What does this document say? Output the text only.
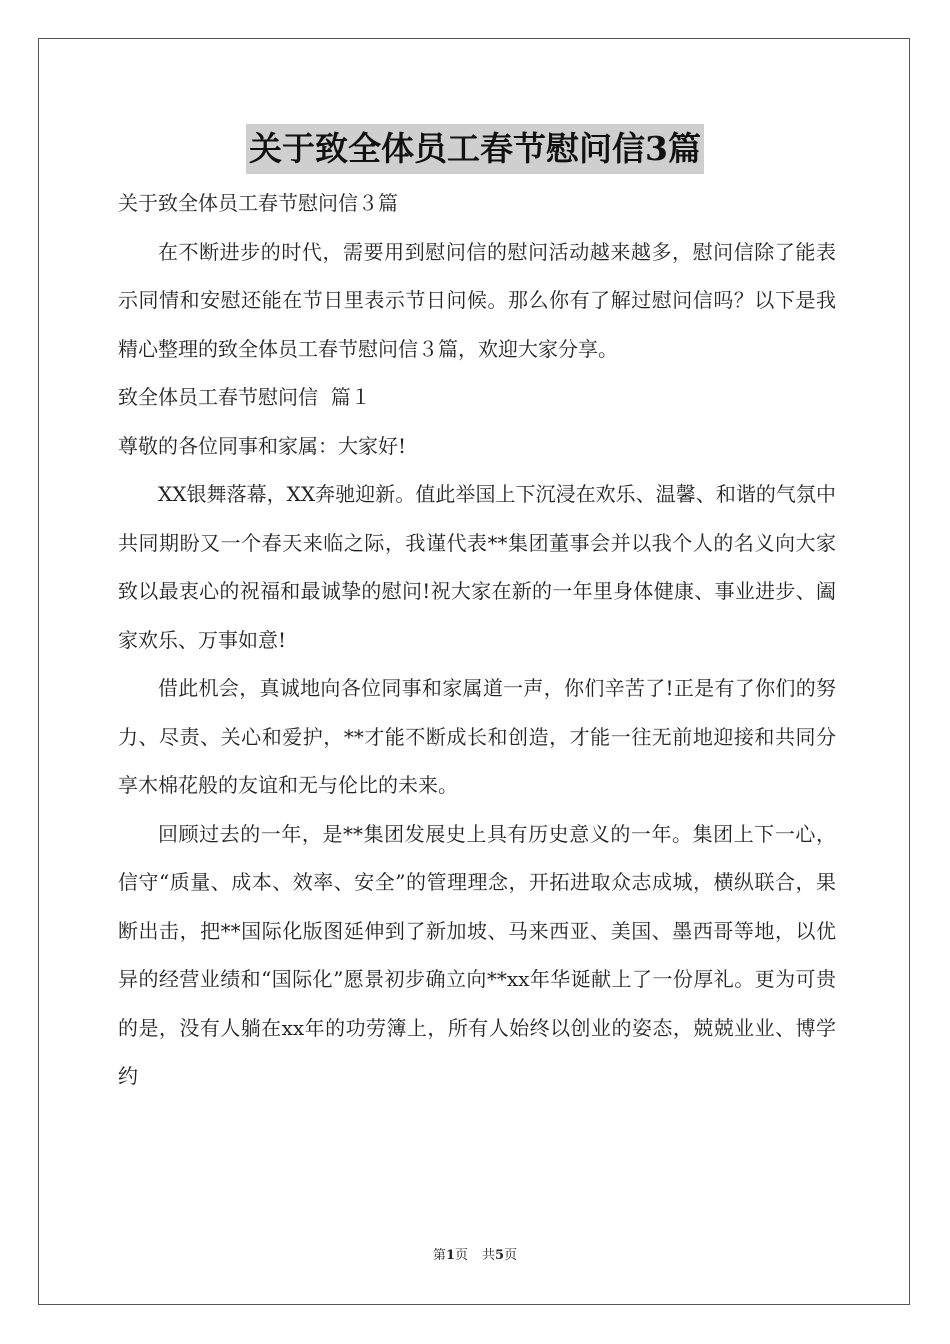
关于致全体员工春节慰问信3篇

关于致全体员工春节慰问信３篇

在不断进步的时代，需要用到慰问信的慰问活动越来越多，慰问信除了能表示同情和安慰还能在节日里表示节日问候。那么你有了解过慰问信吗？以下是我精心整理的致全体员工春节慰问信３篇，欢迎大家分享。

致全体员工春节慰问信  篇１

尊敬的各位同事和家属：大家好!

XX银舞落幕，XX奔驰迎新。值此举国上下沉浸在欢乐、温馨、和谐的气氛中共同期盼又一个春天来临之际，我谨代表**集团董事会并以我个人的名义向大家致以最衷心的祝福和最诚挚的慰问!祝大家在新的一年里身体健康、事业进步、阖家欢乐、万事如意!

借此机会，真诚地向各位同事和家属道一声，你们辛苦了!正是有了你们的努力、尽责、关心和爱护，**才能不断成长和创造，才能一往无前地迎接和共同分享木棉花般的友谊和无与伦比的未来。

回顾过去的一年，是**集团发展史上具有历史意义的一年。集团上下一心，信守“质量、成本、效率、安全”的管理理念，开拓进取众志成城，横纵联合，果断出击，把**国际化版图延伸到了新加坡、马来西亚、美国、墨西哥等地，以优异的经营业绩和“国际化”愿景初步确立向**xx年华诞献上了一份厚礼。更为可贵的是，没有人躺在xx年的功劳簿上，所有人始终以创业的姿态，兢兢业业、博学约

第1页 共5页
